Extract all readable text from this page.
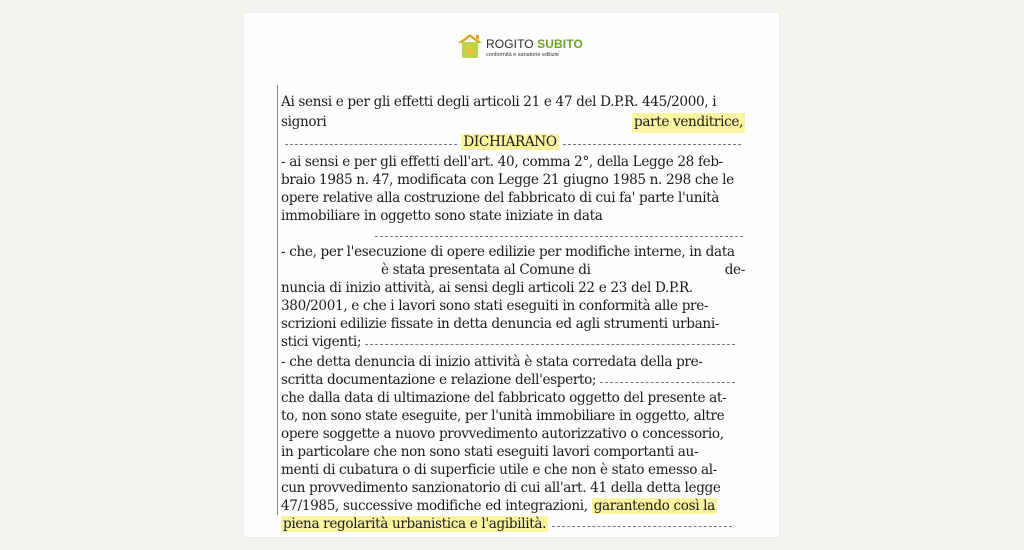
ROGITO SUBITO
conformità e sanatorie edilizie
Ai sensi e per gli effetti degli articoli 21 e 47 del D.P.R. 445/2000, i
signori	parte venditrice,
DICHIARANO
- ai sensi e per gli effetti dell'art. 40, comma 2°, della Legge 28 feb-
braio 1985 n. 47, modificata con Legge 21 giugno 1985 n. 298 che le
opere relative alla costruzione del fabbricato di cui fa' parte l'unità
immobiliare in oggetto sono state iniziate in data
- che, per l'esecuzione di opere edilizie per modifiche interne, in data
è stata presentata al Comune di	de-
nuncia di inizio attività, ai sensi degli articoli 22 e 23 del D.P.R.
380/2001, e che i lavori sono stati eseguiti in conformità alle pre-
scrizioni edilizie fissate in detta denuncia ed agli strumenti urbani-
stici vigenti;
- che detta denuncia di inizio attività è stata corredata della pre-
scritta documentazione e relazione dell'esperto;
che dalla data di ultimazione del fabbricato oggetto del presente at-
to, non sono state eseguite, per l'unità immobiliare in oggetto, altre
opere soggette a nuovo provvedimento autorizzativo o concessorio,
in particolare che non sono stati eseguiti lavori comportanti au-
menti di cubatura o di superficie utile e che non è stato emesso al-
cun provvedimento sanzionatorio di cui all'art. 41 della detta legge
47/1985, successive modifiche ed integrazioni, garantendo così la
piena regolarità urbanistica e l'agibilità.
